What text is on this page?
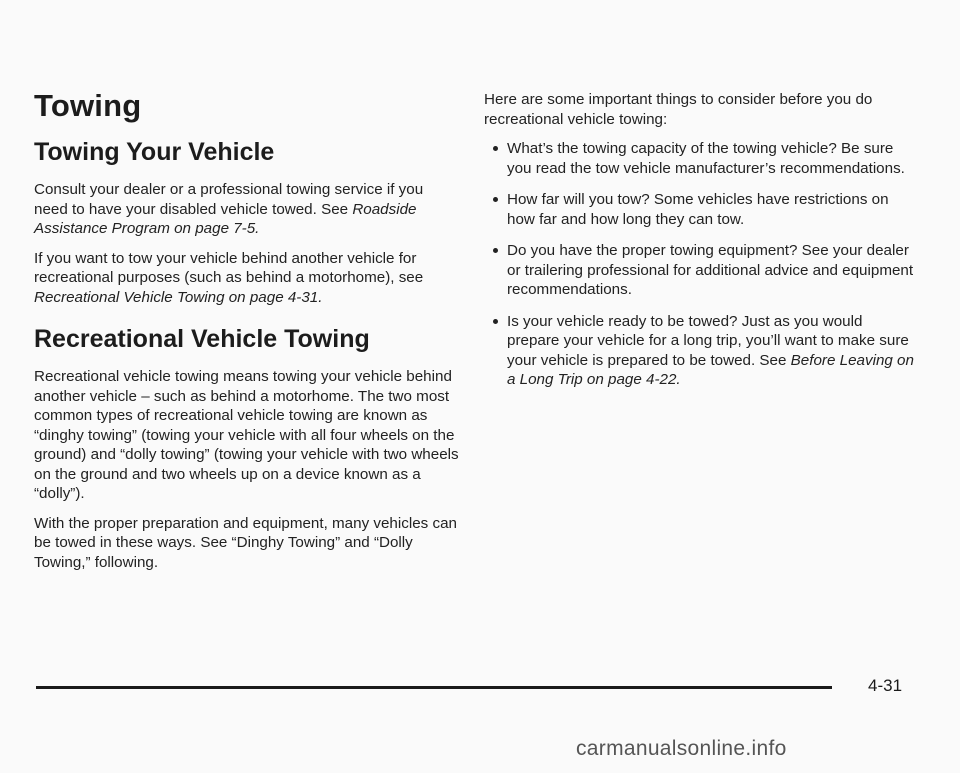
Towing
Towing Your Vehicle

Consult your dealer or a professional towing service if you need to have your disabled vehicle towed. See Roadside Assistance Program on page 7-5.

If you want to tow your vehicle behind another vehicle for recreational purposes (such as behind a motorhome), see Recreational Vehicle Towing on page 4-31.

Recreational Vehicle Towing

Recreational vehicle towing means towing your vehicle behind another vehicle – such as behind a motorhome. The two most common types of recreational vehicle towing are known as “dinghy towing” (towing your vehicle with all four wheels on the ground) and “dolly towing” (towing your vehicle with two wheels on the ground and two wheels up on a device known as a “dolly”).

With the proper preparation and equipment, many vehicles can be towed in these ways. See “Dinghy Towing” and “Dolly Towing,” following.

Here are some important things to consider before you do recreational vehicle towing:

What’s the towing capacity of the towing vehicle? Be sure you read the tow vehicle manufacturer’s recommendations.
How far will you tow? Some vehicles have restrictions on how far and how long they can tow.
Do you have the proper towing equipment? See your dealer or trailering professional for additional advice and equipment recommendations.
Is your vehicle ready to be towed? Just as you would prepare your vehicle for a long trip, you’ll want to make sure your vehicle is prepared to be towed. See Before Leaving on a Long Trip on page 4-22.
4-31
carmanualsonline.info
